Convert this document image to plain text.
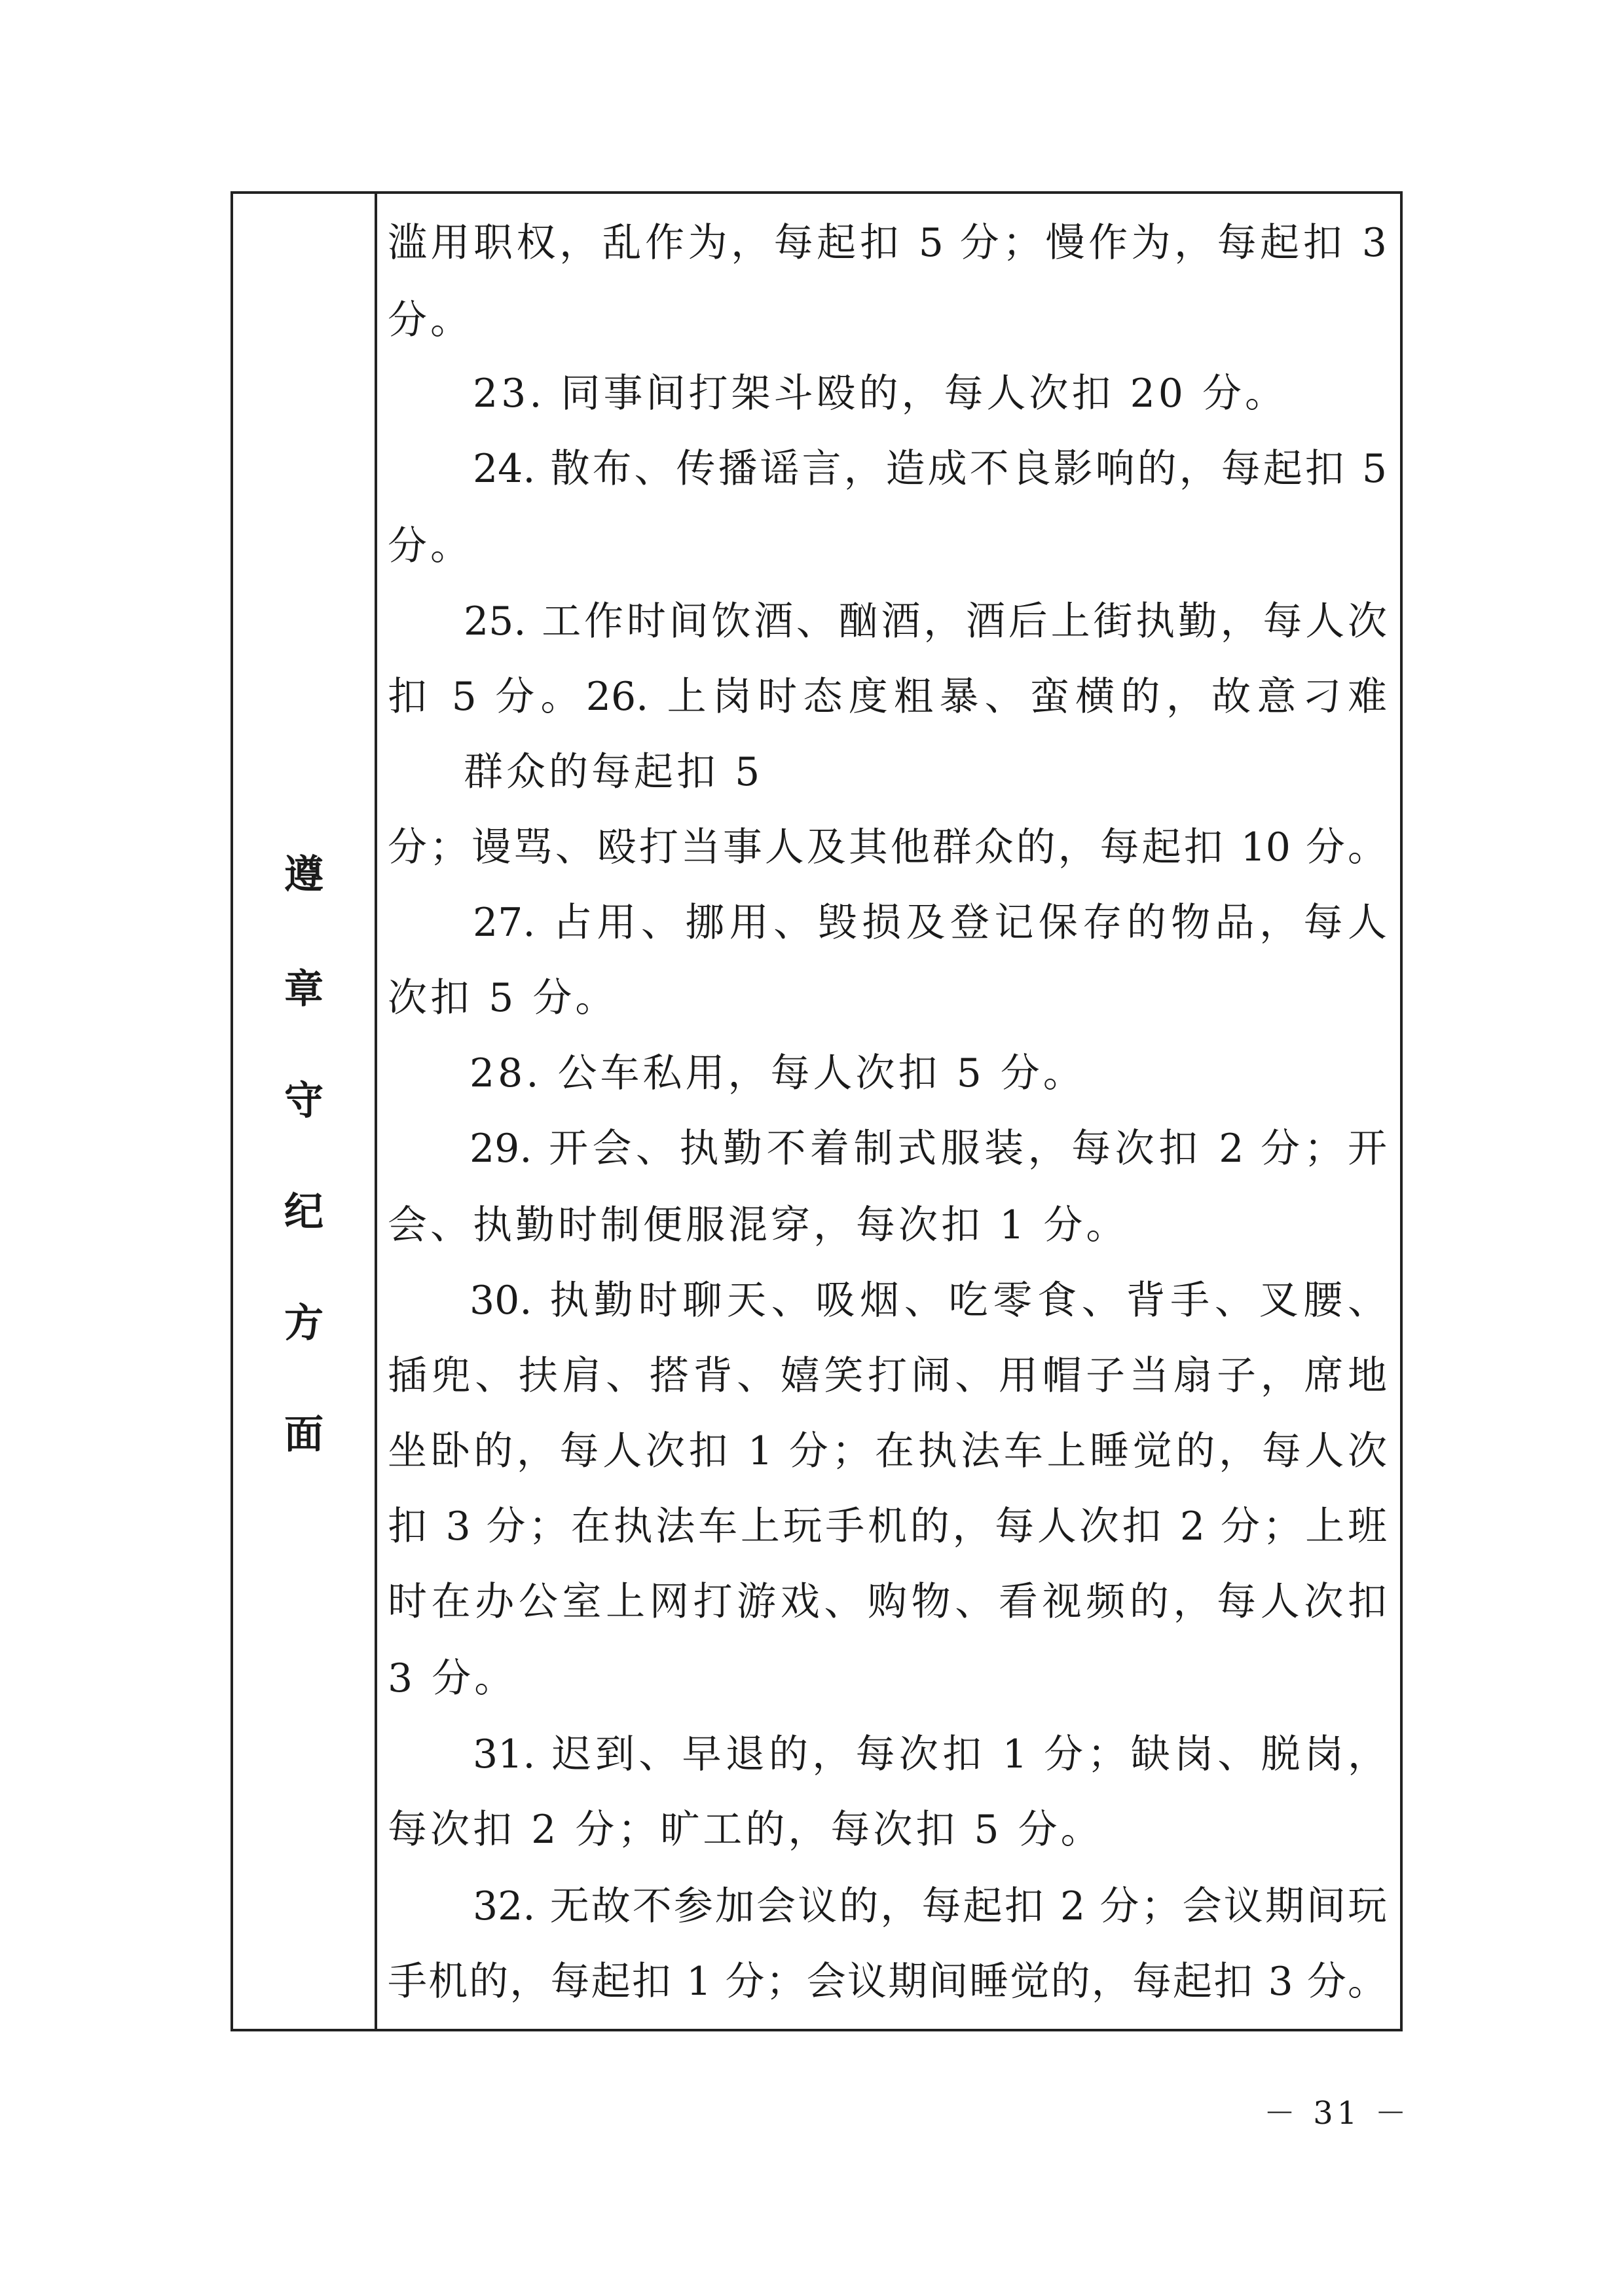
遵
章
守
纪
方
面
滥用职权，乱作为，每起扣 5 分；慢作为，每起扣 3
分。
23. 同事间打架斗殴的，每人次扣 20 分。
24. 散布、传播谣言，造成不良影响的，每起扣 5
分。
25. 工作时间饮酒、酗酒，酒后上街执勤，每人次
扣 5 分。26. 上岗时态度粗暴、蛮横的，故意刁难
群众的每起扣 5
分；谩骂、殴打当事人及其他群众的，每起扣 10 分。
27. 占用、挪用、毁损及登记保存的物品，每人
次扣 5 分。
28. 公车私用，每人次扣 5 分。
29. 开会、执勤不着制式服装，每次扣 2 分；开
会、执勤时制便服混穿，每次扣 1 分。
30. 执勤时聊天、吸烟、吃零食、背手、叉腰、
插兜、扶肩、搭背、嬉笑打闹、用帽子当扇子，席地
坐卧的，每人次扣 1 分；在执法车上睡觉的，每人次
扣 3 分；在执法车上玩手机的，每人次扣 2 分；上班
时在办公室上网打游戏、购物、看视频的，每人次扣
3 分。
31. 迟到、早退的，每次扣 1 分；缺岗、脱岗，
每次扣 2 分；旷工的，每次扣 5 分。
32. 无故不参加会议的，每起扣 2 分；会议期间玩
手机的，每起扣 1 分；会议期间睡觉的，每起扣 3 分。
－ 31 －
